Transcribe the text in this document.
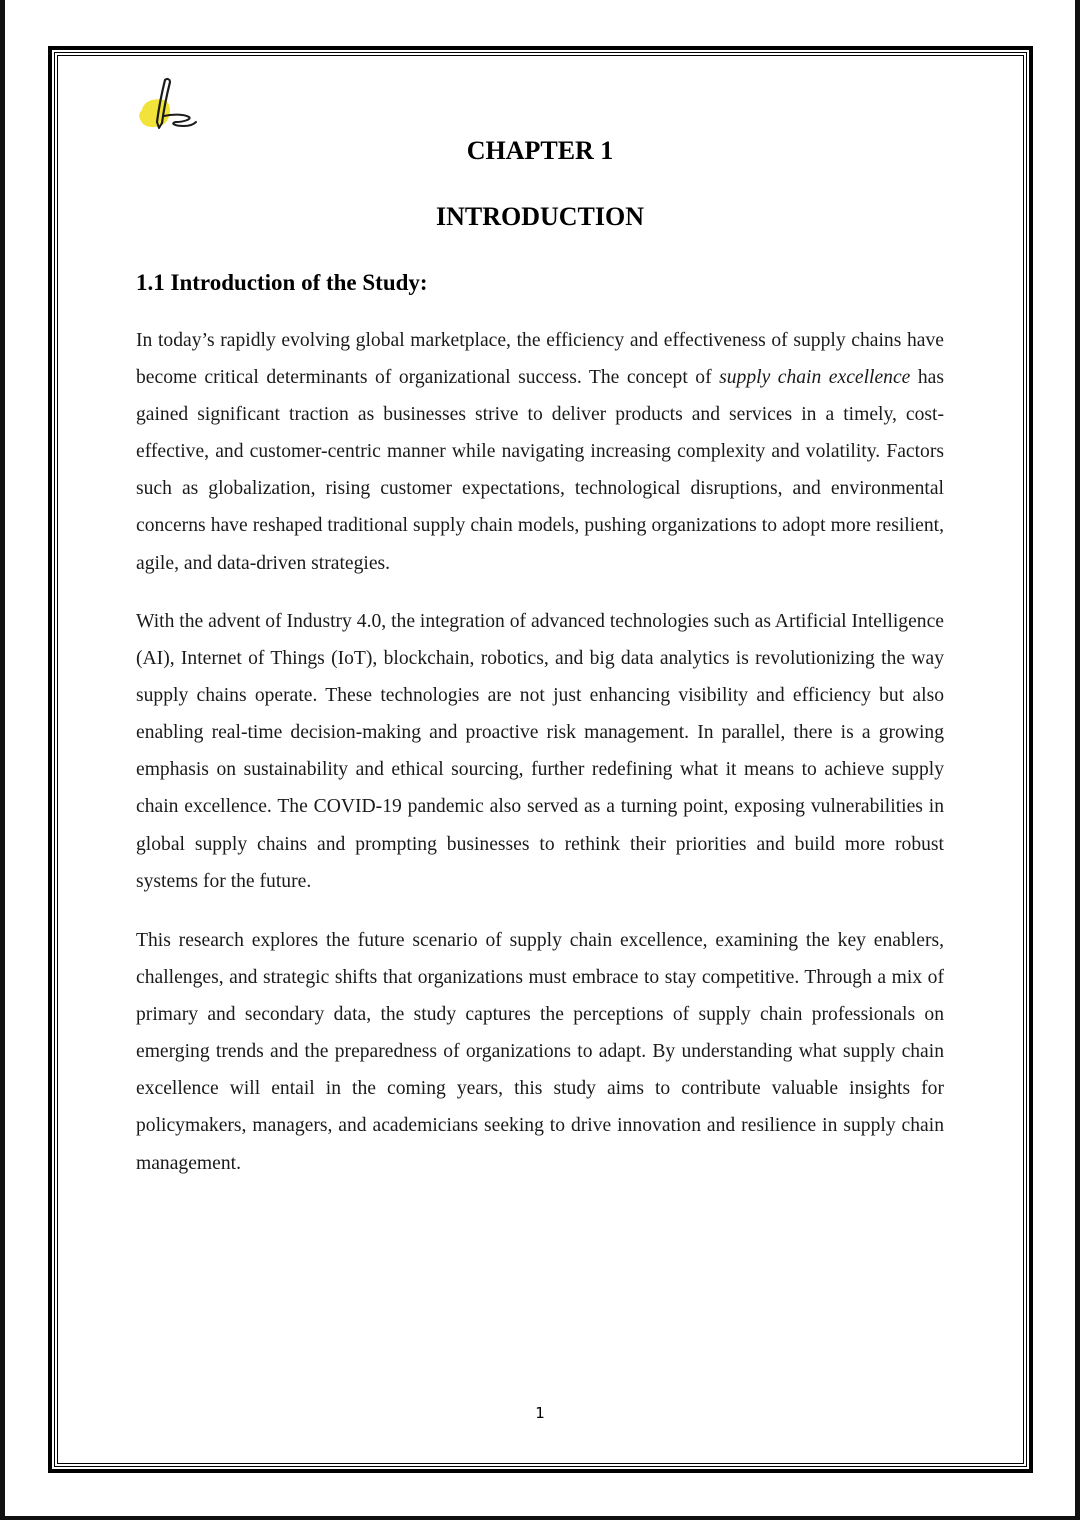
CHAPTER 1
INTRODUCTION
1.1 Introduction of the Study:

In today’s rapidly evolving global marketplace, the efficiency and effectiveness of supply chains have become critical determinants of organizational success. The concept of supply chain excellence has gained significant traction as businesses strive to deliver products and services in a timely, cost-effective, and customer-centric manner while navigating increasing complexity and volatility. Factors such as globalization, rising customer expectations, technological disruptions, and environmental concerns have reshaped traditional supply chain models, pushing organizations to adopt more resilient, agile, and data-driven strategies.

With the advent of Industry 4.0, the integration of advanced technologies such as Artificial Intelligence (AI), Internet of Things (IoT), blockchain, robotics, and big data analytics is revolutionizing the way supply chains operate. These technologies are not just enhancing visibility and efficiency but also enabling real-time decision-making and proactive risk management. In parallel, there is a growing emphasis on sustainability and ethical sourcing, further redefining what it means to achieve supply chain excellence. The COVID-19 pandemic also served as a turning point, exposing vulnerabilities in global supply chains and prompting businesses to rethink their priorities and build more robust systems for the future.

This research explores the future scenario of supply chain excellence, examining the key enablers, challenges, and strategic shifts that organizations must embrace to stay competitive. Through a mix of primary and secondary data, the study captures the perceptions of supply chain professionals on emerging trends and the preparedness of organizations to adapt. By understanding what supply chain excellence will entail in the coming years, this study aims to contribute valuable insights for policymakers, managers, and academicians seeking to drive innovation and resilience in supply chain management.

1
